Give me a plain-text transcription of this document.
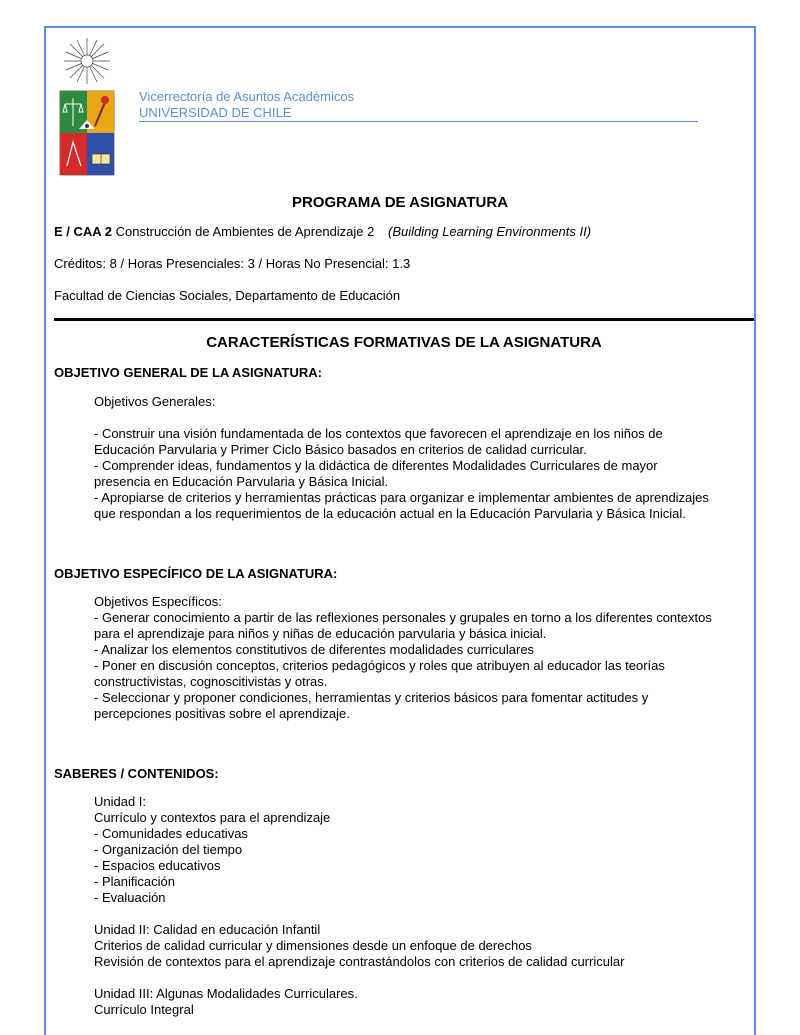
Vicerrectoría de Asuntos Académicos
UNIVERSIDAD DE CHILE
PROGRAMA DE ASIGNATURA
E / CAA 2 Construcción de Ambientes de Aprendizaje 2 (Building Learning Environments II)
Créditos: 8 / Horas Presenciales: 3 / Horas No Presencial: 1.3
Facultad de Ciencias Sociales, Departamento de Educación
CARACTERÍSTICAS FORMATIVAS DE LA ASIGNATURA
OBJETIVO GENERAL DE LA ASIGNATURA:

Objetivos Generales:

- Construir una visión fundamentada de los contextos que favorecen el aprendizaje en los niños de Educación Parvularia y Primer Ciclo Básico basados en criterios de calidad curricular.

- Comprender ideas, fundamentos y la didáctica de diferentes Modalidades Curriculares de mayor presencia en Educación Parvularia y Básica Inicial.

- Apropiarse de criterios y herramientas prácticas para organizar e implementar ambientes de aprendizajes que respondan a los requerimientos de la educación actual en la Educación Parvularia y Básica Inicial.

OBJETIVO ESPECÍFICO DE LA ASIGNATURA:

Objetivos Específicos:

- Generar conocimiento a partir de las reflexiones personales y grupales en torno a los diferentes contextos para el aprendizaje para niños y niñas de educación parvularia y básica inicial.

- Analizar los elementos constitutivos de diferentes modalidades curriculares

- Poner en discusión conceptos, criterios pedagógicos y roles que atribuyen al educador las teorías constructivistas, cognoscitivistas y otras.

- Seleccionar y proponer condiciones, herramientas y criterios básicos para fomentar actitudes y percepciones positivas sobre el aprendizaje.

SABERES / CONTENIDOS:

Unidad I:

Currículo y contextos para el aprendizaje

- Comunidades educativas

- Organización del tiempo

- Espacios educativos

- Planificación

- Evaluación

Unidad II: Calidad en educación Infantil

Criterios de calidad curricular y dimensiones desde un enfoque de derechos

Revisión de contextos para el aprendizaje contrastándolos con criterios de calidad curricular

Unidad III: Algunas Modalidades Curriculares.

Currículo Integral
